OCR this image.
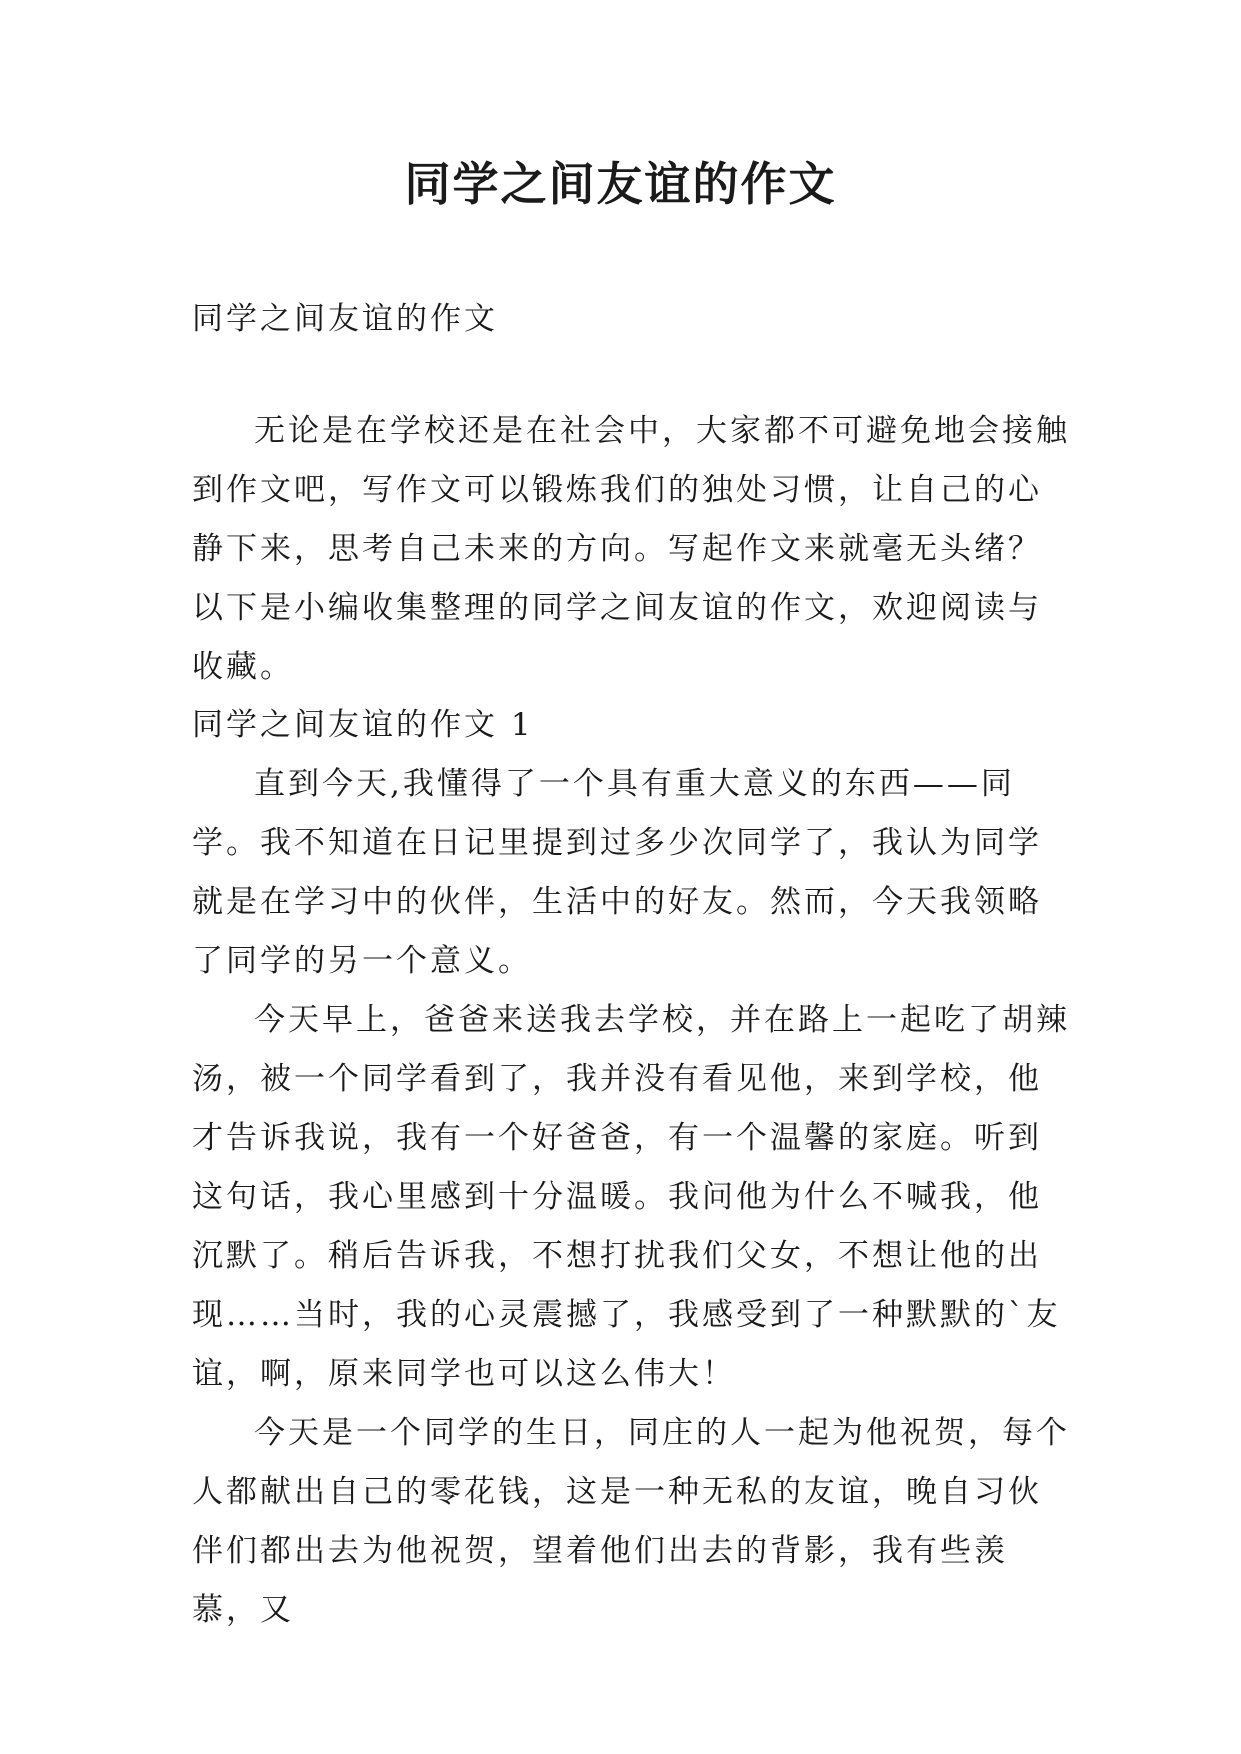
同学之间友谊的作文

同学之间友谊的作文

无论是在学校还是在社会中，大家都不可避免地会接触到作文吧，写作文可以锻炼我们的独处习惯，让自己的心静下来，思考自己未来的方向。写起作文来就毫无头绪？以下是小编收集整理的同学之间友谊的作文，欢迎阅读与收藏。

同学之间友谊的作文 1

直到今天,我懂得了一个具有重大意义的东西——同学。我不知道在日记里提到过多少次同学了，我认为同学就是在学习中的伙伴，生活中的好友。然而，今天我领略了同学的另一个意义。

今天早上，爸爸来送我去学校，并在路上一起吃了胡辣汤，被一个同学看到了，我并没有看见他，来到学校，他才告诉我说，我有一个好爸爸，有一个温馨的家庭。听到这句话，我心里感到十分温暖。我问他为什么不喊我，他沉默了。稍后告诉我，不想打扰我们父女，不想让他的出现……当时，我的心灵震撼了，我感受到了一种默默的`友谊，啊，原来同学也可以这么伟大！

今天是一个同学的生日，同庄的人一起为他祝贺，每个人都献出自己的零花钱，这是一种无私的友谊，晚自习伙伴们都出去为他祝贺，望着他们出去的背影，我有些羡慕，又
